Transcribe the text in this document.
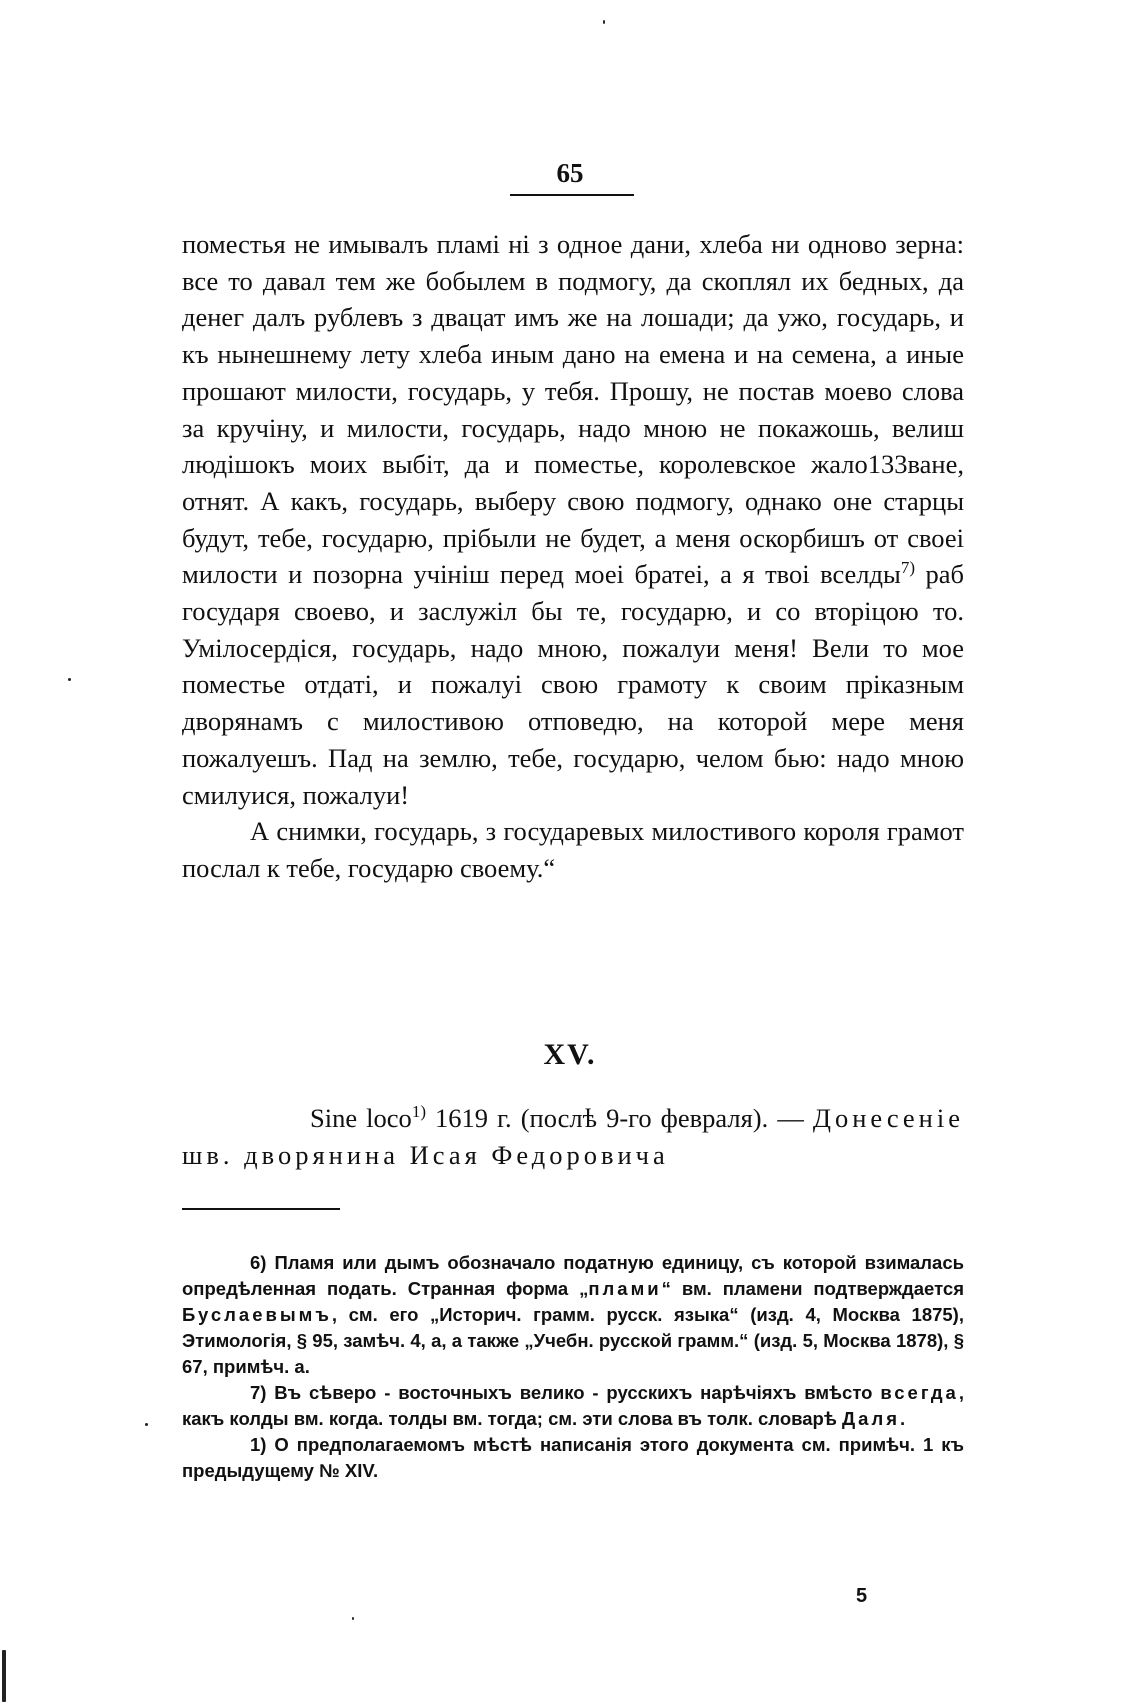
65

поместья не имывалъ пламі ні з одное дани, хлеба ни одново зерна: все то давал тем же бобылем в подмогу, да скоплял их бедных, да денег далъ рублевъ з двацат имъ же на лошади; да ужо, государь, и къ нынешнему лету хлеба иным дано на емена и на семена, а иные прошают милости, государь, у тебя. Прошу, не постав моево слова за кручіну, и милости, государь, надо мною не покажошь, велиш людішокъ моих выбіт, да и поместье, королевское жало133ване, отнят. А какъ, государь, выберу свою подмогу, однако оне старцы будут, тебе, государю, прібыли не будет, а меня оскорбишъ от своеі милости и позорна учініш перед моеі братеі, а я твоі вселды$^{7)}$ раб государя своево, и заслужіл бы те, государю, и со вторіцою то. Умілосердіся, государь, надо мною, пожалуи меня! Вели то мое поместье отдаті, и пожалуі свою грамоту к своим пріказным дворянамъ с милостивою отповедю, на которой мере меня пожалуешъ. Пад на землю, тебе, государю, челом бью: надо мною смилуися, пожалуи!

А снимки, государь, з государевых милостивого короля грамот послал к тебе, государю своему.“

XV.

Sine loco$^{1)}$ 1619 г. (послѣ 9-го февраля). — Донесеніе шв. дворянина Исая Федоровича

6) Пламя или дымъ обозначало податную единицу, съ которой взималась опредѣленная подать. Странная форма „плами“ вм. пламени подтверждается Буслаевымъ, см. его „Историч. грамм. русск. языка“ (изд. 4, Москва 1875), Этимологія, § 95, замѣч. 4, а, а также „Учебн. русской грамм.“ (изд. 5, Москва 1878), § 67, примѣч. а.

7) Въ сѣверо - восточныхъ велико - русскихъ нарѣчіяхъ вмѣсто всегда, какъ колды вм. когда. толды вм. тогда; см. эти слова въ толк. словарѣ Даля.

1) О предполагаемомъ мѣстѣ написанія этого документа см. примѣч. 1 къ предыдущему № XIV.

5
